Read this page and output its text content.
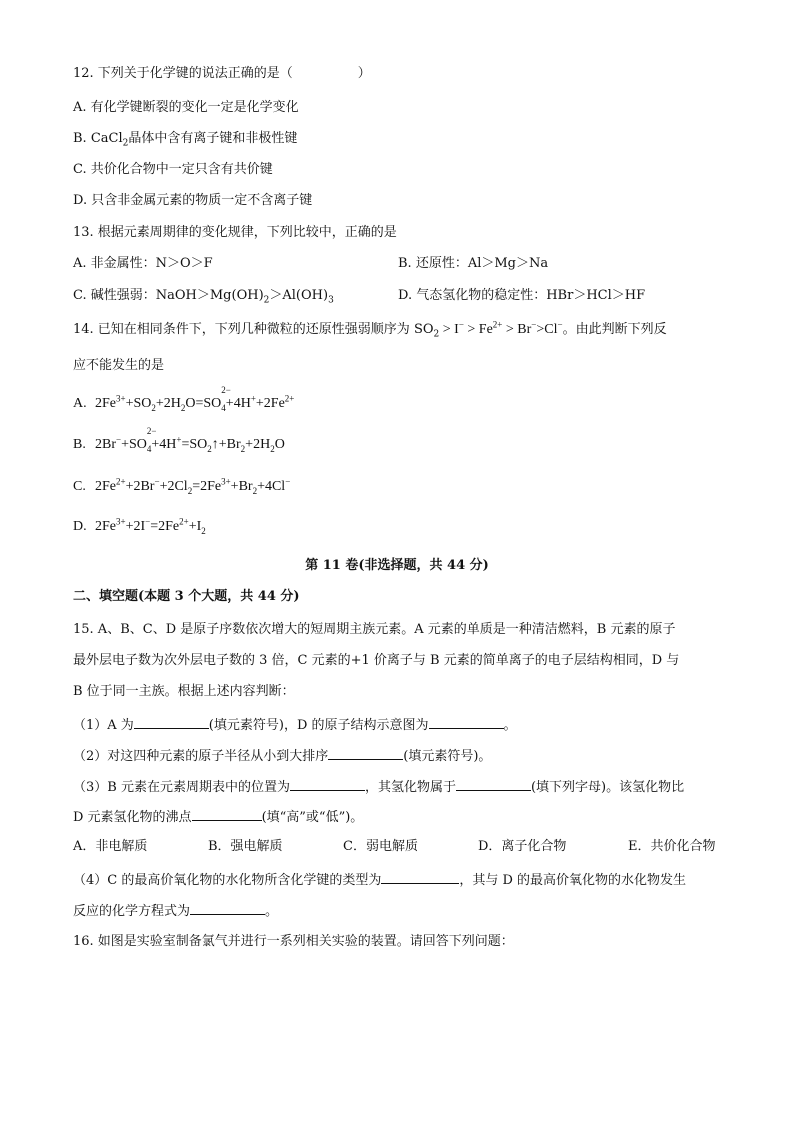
12. 下列关于化学键的说法正确的是（　　　　　）
A. 有化学键断裂的变化一定是化学变化
B. CaCl$_2$晶体中含有离子键和非极性键
C. 共价化合物中一定只含有共价键
D. 只含非金属元素的物质一定不含离子键
13. 根据元素周期律的变化规律，下列比较中，正确的是
A. 非金属性：N＞O＞F	B. 还原性：Al＞Mg＞Na
C. 碱性强弱：$NaOH>Mg(OH)_2>Al(OH)_3$	D. 气态氢化物的稳定性：HBr＞HCl＞HF
14. 已知在相同条件下，下列几种微粒的还原性强弱顺序为 $SO_2 > I^- > Fe^{2+} > Br^->Cl^-$。由此判断下列反
应不能发生的是
A. $2Fe^{3+}+SO_2+2H_2O=SO$
$_{2- 4}+4H^++2Fe^{2+}$
B. 2Br−+SO
$_{2- 4}+4H^+=SO_2↑+Br_2+2H_2O$
C. $2Fe^{2+}+2Br^-+2Cl_2=2Fe^{3+}+Br_2+4Cl^-$
D. $2Fe^{3+}+2I^-=2Fe^{2+}+I_2$
第 11 卷(非选择题，共 44 分)
二、填空题(本题 3 个大题，共 44 分)
15. A、B、C、D 是原子序数依次增大的短周期主族元素。A 元素的单质是一种清洁燃料，B 元素的原子
最外层电子数为次外层电子数的 3 倍，C 元素的+1 价离子与 B 元素的简单离子的电子层结构相同，D 与
B 位于同一主族。根据上述内容判断：
（1）A 为	(填元素符号)，D 的原子结构示意图为	。
（2）对这四种元素的原子半径从小到大排序	(填元素符号)。
（3）B 元素在元素周期表中的位置为	，其氢化物属于	(填下列字母)。该氢化物比
D 元素氢化物的沸点	(填“高”或“低”)。
A．非电解质	B．强电解质	C．弱电解质	D．离子化合物	E．共价化合物
（4）C 的最高价氧化物的水化物所含化学键的类型为	，其与 D 的最高价氧化物的水化物发生
反应的化学方程式为	。
16. 如图是实验室制备氯气并进行一系列相关实验的装置。请回答下列问题：
